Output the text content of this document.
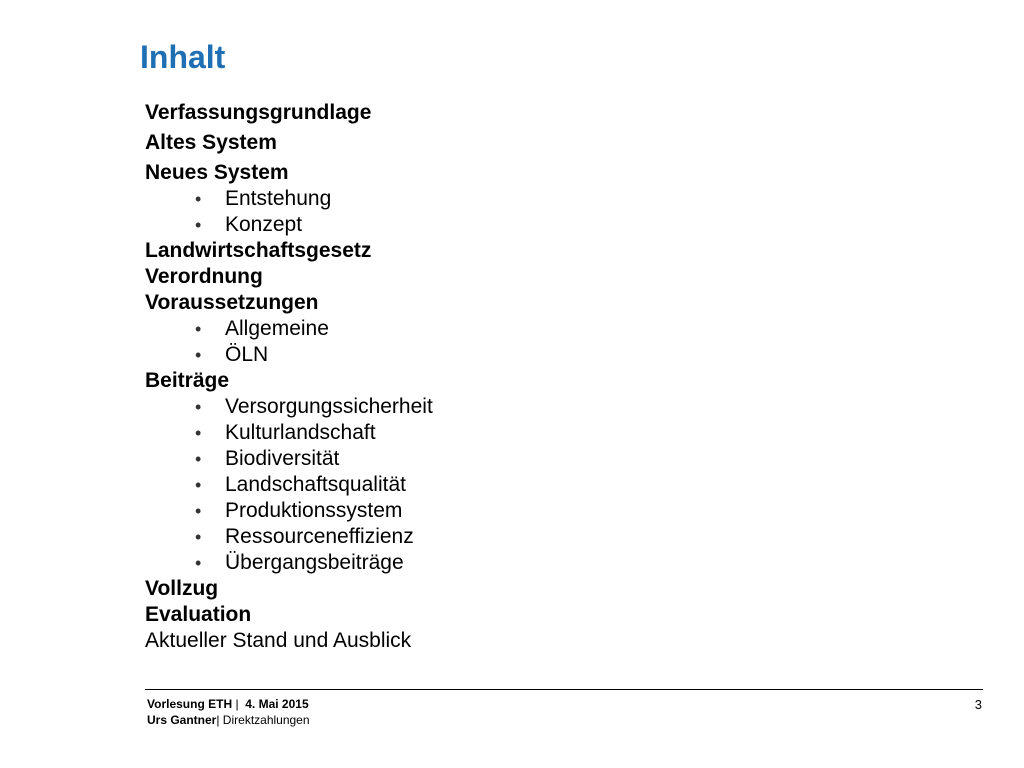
Inhalt
Verfassungsgrundlage
Altes System
Neues System
•	Entstehung
•	Konzept
Landwirtschaftsgesetz
Verordnung
Voraussetzungen
•	Allgemeine
•	ÖLN
Beiträge
•	Versorgungssicherheit
•	Kulturlandschaft
•	Biodiversität
•	Landschaftsqualität
•	Produktionssystem
•	Ressourceneffizienz
•	Übergangsbeiträge
Vollzug
Evaluation
Aktueller Stand und Ausblick
Vorlesung ETH |  4. Mai 2015
Urs Gantner| Direktzahlungen
3
